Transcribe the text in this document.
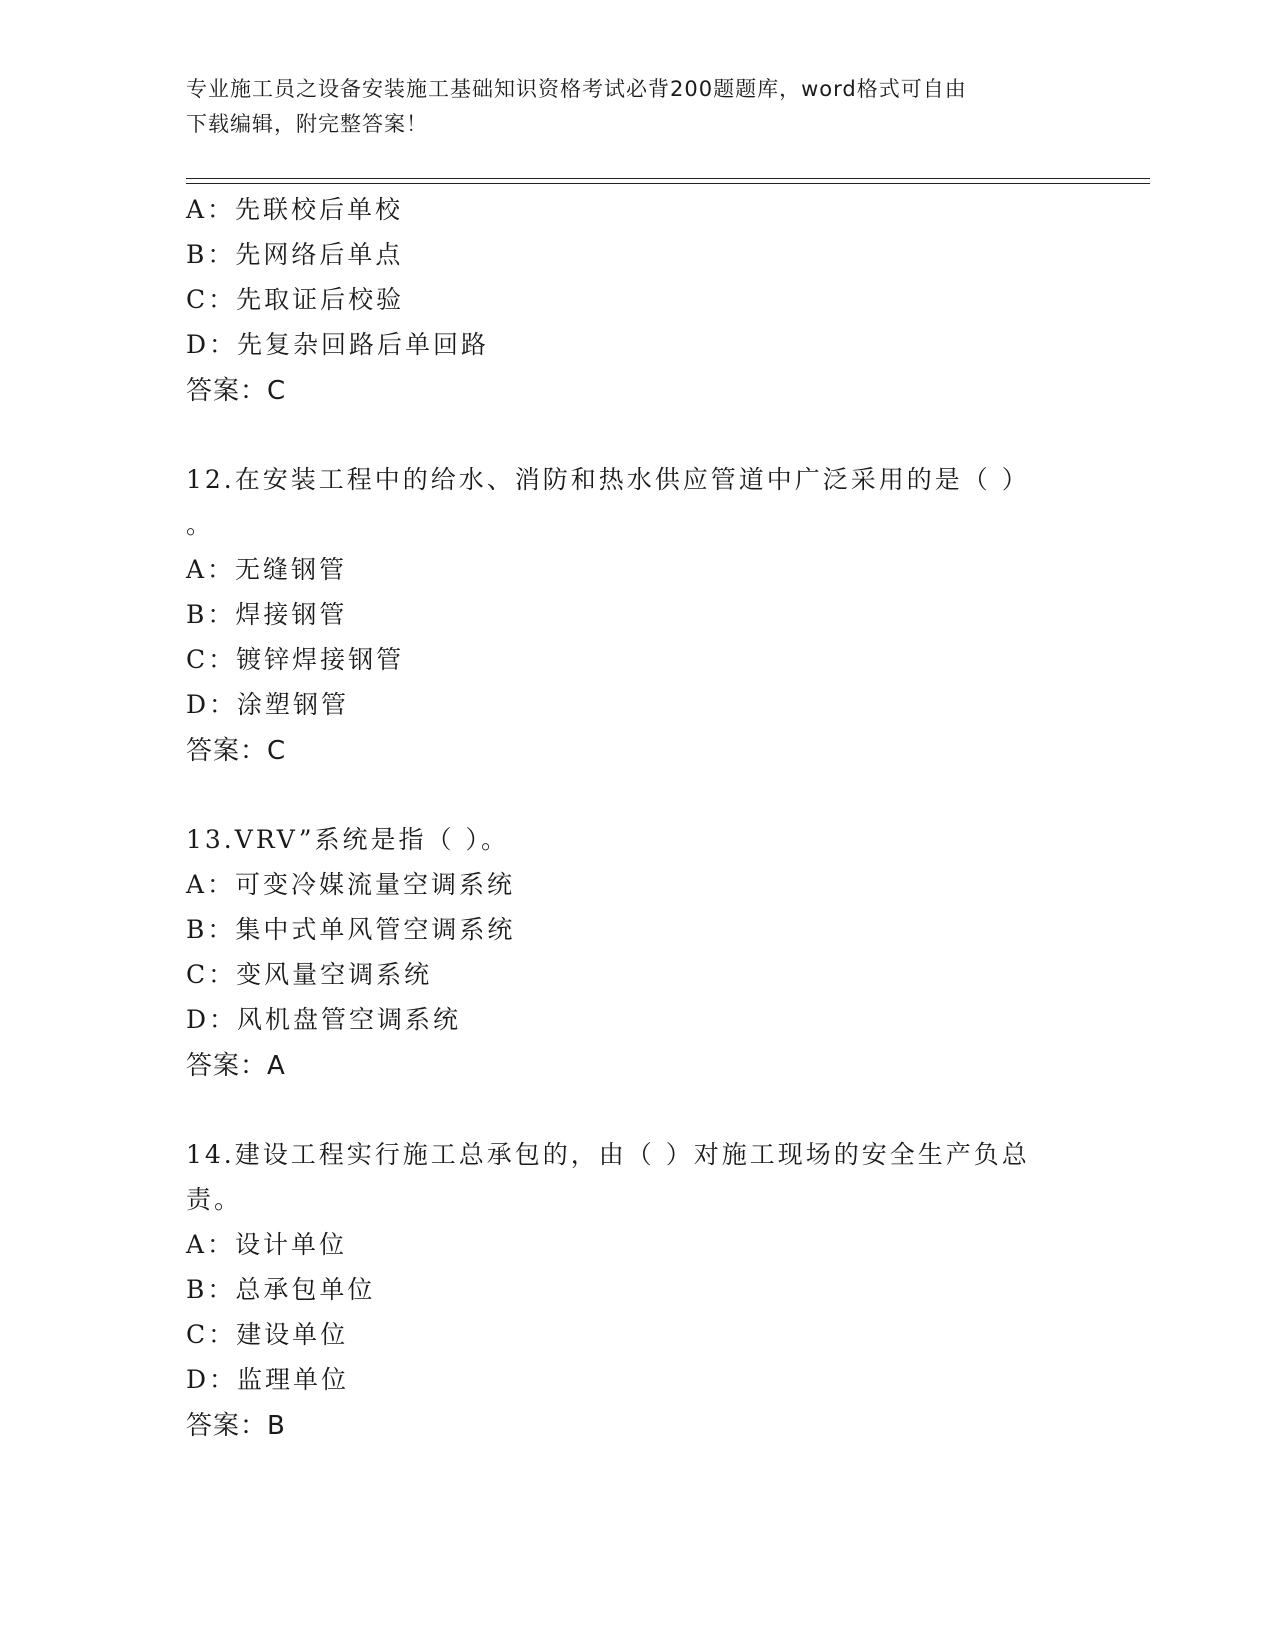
专业施工员之设备安装施工基础知识资格考试必背200题题库，word格式可自由
下载编辑，附完整答案！
A：先联校后单校
B：先网络后单点
C：先取证后校验
D：先复杂回路后单回路
答案：C
12.在安装工程中的给水、消防和热水供应管道中广泛采用的是（ ）
。
A：无缝钢管
B：焊接钢管
C：镀锌焊接钢管
D：涂塑钢管
答案：C
13.VRV”系统是指（ ）。
A：可变冷媒流量空调系统
B：集中式单风管空调系统
C：变风量空调系统
D：风机盘管空调系统
答案：A
14.建设工程实行施工总承包的，由（ ）对施工现场的安全生产负总
责。
A：设计单位
B：总承包单位
C：建设单位
D：监理单位
答案：B
